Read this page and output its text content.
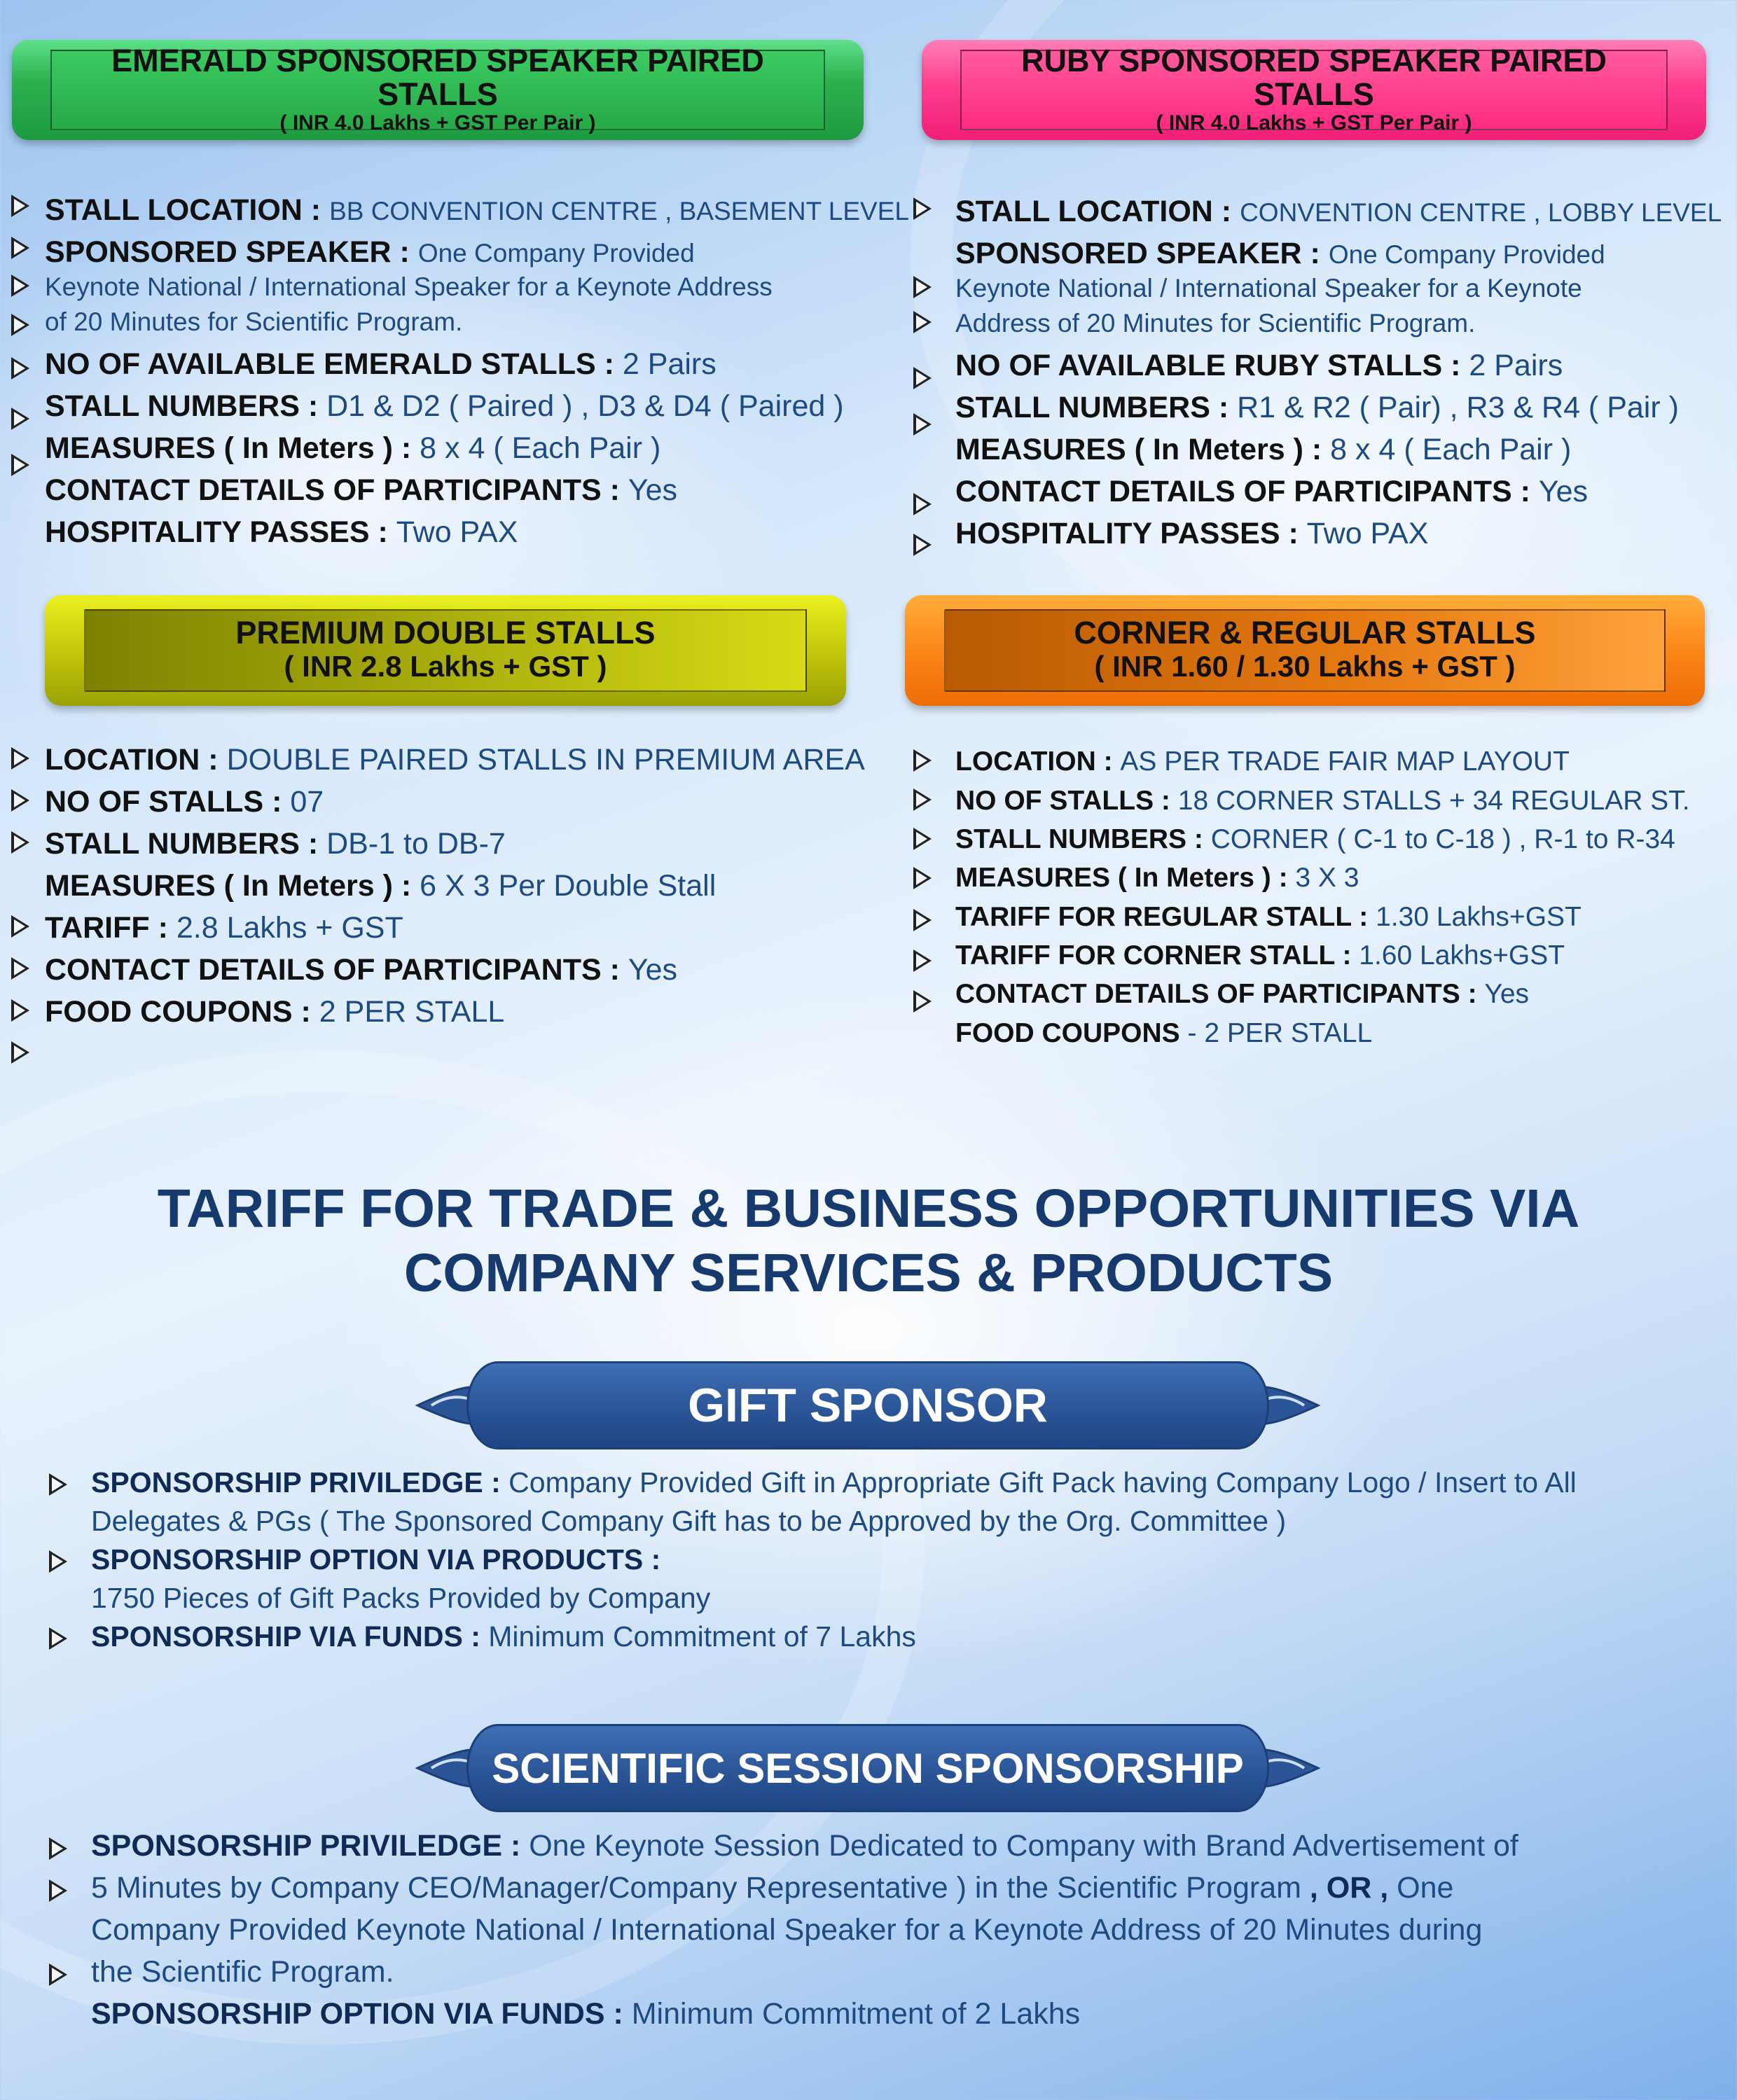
EMERALD SPONSORED SPEAKER PAIRED STALLS
( INR 4.0 Lakhs + GST Per Pair )
STALL LOCATION : BB CONVENTION CENTRE , BASEMENT LEVEL
SPONSORED SPEAKER : One Company Provided
Keynote National / International Speaker for a Keynote Address
of 20 Minutes for Scientific Program.
NO OF AVAILABLE EMERALD STALLS : 2 Pairs
STALL NUMBERS : D1 & D2 ( Paired ) , D3 & D4 ( Paired )
MEASURES ( In Meters ) : 8 x 4 ( Each Pair )
CONTACT DETAILS OF PARTICIPANTS : Yes
HOSPITALITY PASSES : Two PAX
RUBY SPONSORED SPEAKER PAIRED STALLS
( INR 4.0 Lakhs + GST Per Pair )
STALL LOCATION : CONVENTION CENTRE , LOBBY LEVEL
SPONSORED SPEAKER : One Company Provided
Keynote National / International Speaker for a Keynote
Address of 20 Minutes for Scientific Program.
NO OF AVAILABLE RUBY STALLS : 2 Pairs
STALL NUMBERS : R1 & R2 ( Pair) , R3 & R4 ( Pair )
MEASURES ( In Meters ) : 8 x 4 ( Each Pair )
CONTACT DETAILS OF PARTICIPANTS : Yes
HOSPITALITY PASSES : Two PAX
PREMIUM DOUBLE STALLS
( INR 2.8 Lakhs + GST )
LOCATION : DOUBLE PAIRED STALLS IN PREMIUM AREA
NO OF STALLS : 07
STALL NUMBERS : DB-1 to DB-7
MEASURES ( In Meters ) : 6 X 3 Per Double Stall
TARIFF : 2.8 Lakhs + GST
CONTACT DETAILS OF PARTICIPANTS : Yes
FOOD COUPONS : 2 PER STALL
CORNER & REGULAR STALLS
( INR 1.60 / 1.30 Lakhs + GST )
LOCATION : AS PER TRADE FAIR MAP LAYOUT
NO OF STALLS : 18 CORNER STALLS + 34 REGULAR ST.
STALL NUMBERS : CORNER ( C-1 to C-18 ) , R-1 to R-34
MEASURES ( In Meters ) : 3 X 3
TARIFF FOR REGULAR STALL : 1.30 Lakhs+GST
TARIFF FOR CORNER STALL : 1.60 Lakhs+GST
CONTACT DETAILS OF PARTICIPANTS : Yes
FOOD COUPONS - 2 PER STALL
TARIFF FOR TRADE & BUSINESS OPPORTUNITIES VIA
COMPANY SERVICES & PRODUCTS
GIFT SPONSOR
SPONSORSHIP PRIVILEDGE : Company Provided Gift in Appropriate Gift Pack having Company Logo / Insert to All
Delegates & PGs ( The Sponsored Company Gift has to be Approved by the Org. Committee )
SPONSORSHIP OPTION VIA PRODUCTS :
1750 Pieces of Gift Packs Provided by Company
SPONSORSHIP VIA FUNDS : Minimum Commitment of 7 Lakhs
SCIENTIFIC SESSION SPONSORSHIP
SPONSORSHIP PRIVILEDGE : One Keynote Session Dedicated to Company with Brand Advertisement of
5 Minutes by Company CEO/Manager/Company Representative ) in the Scientific Program , OR , One
Company Provided Keynote National / International Speaker for a Keynote Address of 20 Minutes during
the Scientific Program.
SPONSORSHIP OPTION VIA FUNDS : Minimum Commitment of 2 Lakhs
